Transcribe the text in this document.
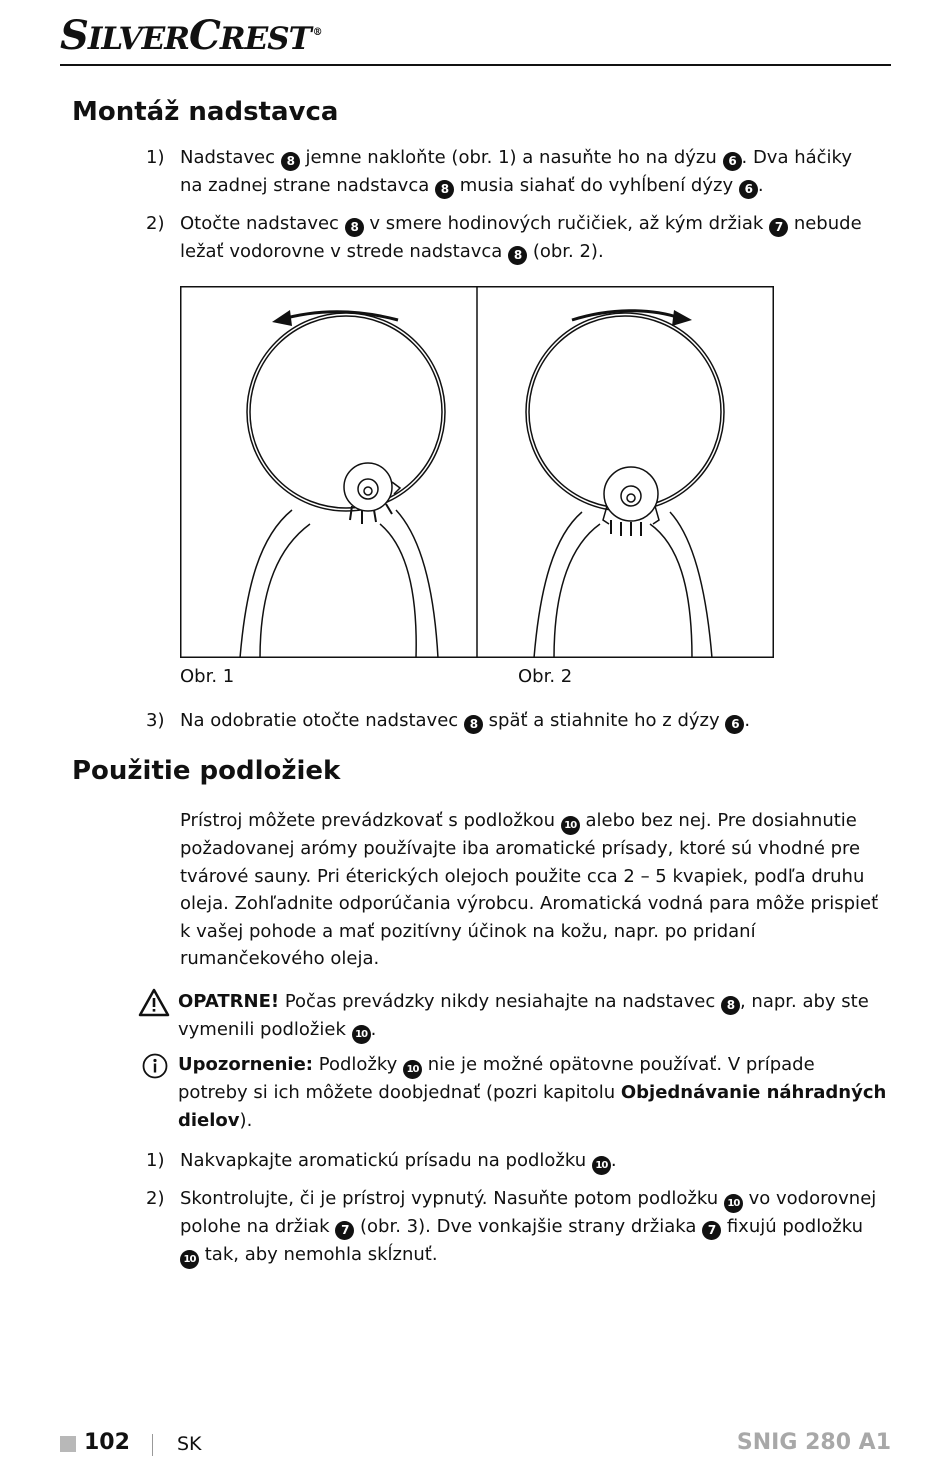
SILVERCREST ®
Montáž nadstavca
1) Nadstavec 8 jemne nakloňte (obr. 1) a nasuňte ho na dýzu 6 . Dva háčiky na zadnej strane nadstavca 8 musia siahať do vyhĺbení dýzy 6 .
2) Otočte nadstavec 8 v smere hodinových ručičiek, až kým držiak 7 nebude ležať vodorovne v strede nadstavca 8 (obr. 2).
Obr. 1	Obr. 2
3) Na odobratie otočte nadstavec 8 späť a stiahnite ho z dýzy 6 .
Použitie podložiek
Prístroj môžete prevádzkovať s podložkou 10 alebo bez nej. Pre dosiahnutie požadovanej arómy používajte iba aromatické prísady, ktoré sú vhodné pre tvárové sauny. Pri éterických olejoch použite cca 2 – 5 kvapiek, podľa druhu oleja. Zohľadnite odporúčania výrobcu. Aromatická vodná para môže prispieť k vašej pohode a mať pozitívny účinok na kožu, napr. po pridaní rumančekového oleja.
OPATRNE! Počas prevádzky nikdy nesiahajte na nadstavec 8 , napr. aby ste vymenili podložiek 10 .
Upozornenie: Podložky 10 nie je možné opätovne používať. V prípade potreby si ich môžete doobjednať (pozri kapitolu Objednávanie náhradných dielov).
1) Nakvapkajte aromatickú prísadu na podložku 10 .
2) Skontrolujte, či je prístroj vypnutý. Nasuňte potom podložku 10 vo vodorovnej polohe na držiak 7 (obr. 3). Dve vonkajšie strany držiaka 7 fixujú podložku 10 tak, aby nemohla skĺznuť.
102 SK	SNIG 280 A1
